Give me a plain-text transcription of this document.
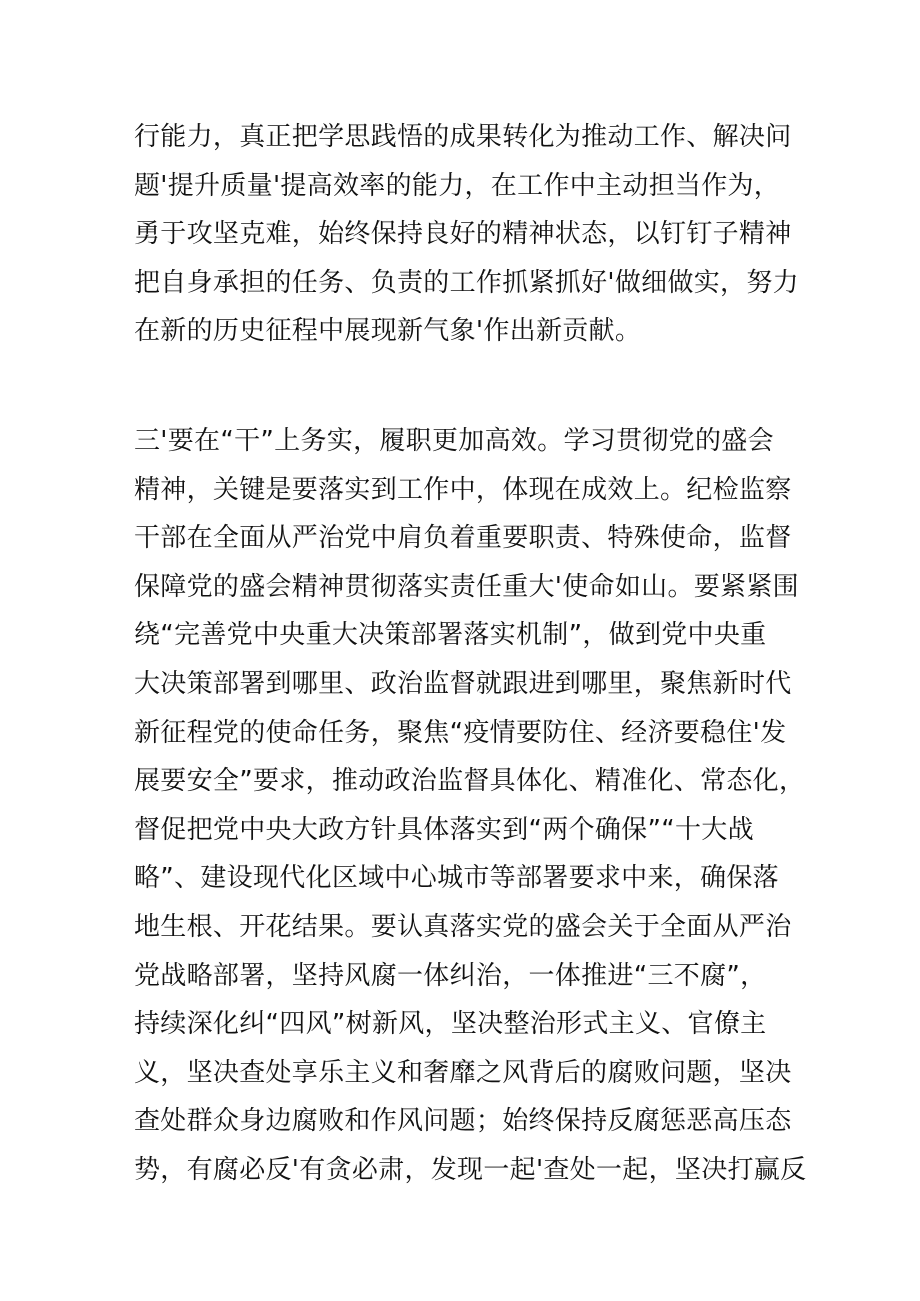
行能力，真正把学思践悟的成果转化为推动工作、解决问
题'提升质量'提高效率的能力，在工作中主动担当作为，
勇于攻坚克难，始终保持良好的精神状态，以钉钉子精神
把自身承担的任务、负责的工作抓紧抓好'做细做实，努力
在新的历史征程中展现新气象'作出新贡献。
三'要在“干”上务实，履职更加高效。学习贯彻党的盛会
精神，关键是要落实到工作中，体现在成效上。纪检监察
干部在全面从严治党中肩负着重要职责、特殊使命，监督
保障党的盛会精神贯彻落实责任重大'使命如山。要紧紧围
绕“完善党中央重大决策部署落实机制”，做到党中央重
大决策部署到哪里、政治监督就跟进到哪里，聚焦新时代
新征程党的使命任务，聚焦“疫情要防住、经济要稳住'发
展要安全”要求，推动政治监督具体化、精准化、常态化，
督促把党中央大政方针具体落实到“两个确保”“十大战
略”、建设现代化区域中心城市等部署要求中来，确保落
地生根、开花结果。要认真落实党的盛会关于全面从严治
党战略部署，坚持风腐一体纠治，一体推进“三不腐”，
持续深化纠“四风”树新风，坚决整治形式主义、官僚主
义，坚决查处享乐主义和奢靡之风背后的腐败问题，坚决
查处群众身边腐败和作风问题；始终保持反腐惩恶高压态
势，有腐必反'有贪必肃，发现一起'查处一起，坚决打赢反
